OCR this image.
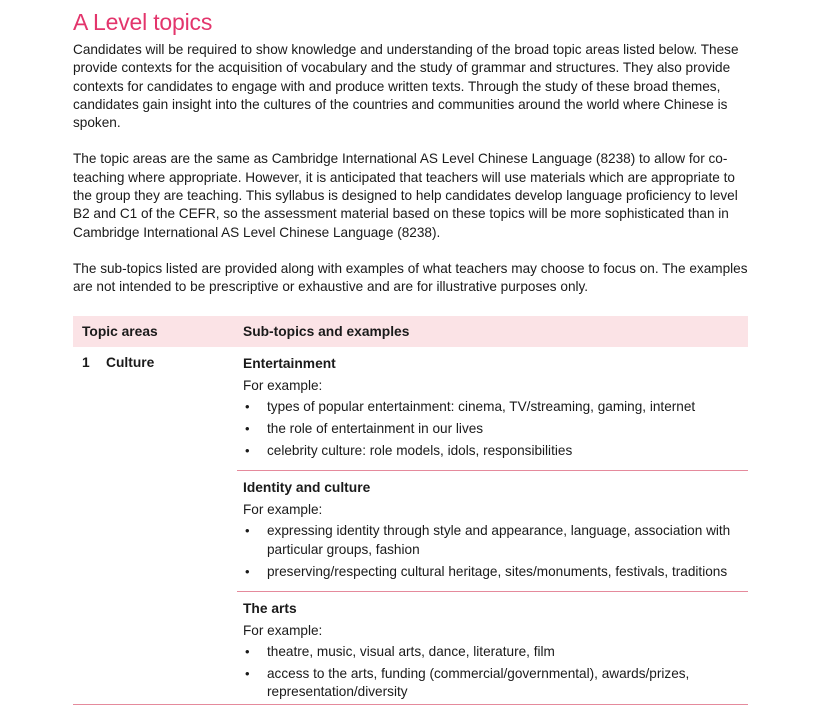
A Level topics

Candidates will be required to show knowledge and understanding of the broad topic areas listed below. These provide contexts for the acquisition of vocabulary and the study of grammar and structures. They also provide contexts for candidates to engage with and produce written texts. Through the study of these broad themes, candidates gain insight into the cultures of the countries and communities around the world where Chinese is spoken.

The topic areas are the same as Cambridge International AS Level Chinese Language (8238) to allow for co-teaching where appropriate. However, it is anticipated that teachers will use materials which are appropriate to the group they are teaching. This syllabus is designed to help candidates develop language proficiency to level B2 and C1 of the CEFR, so the assessment material based on these topics will be more sophisticated than in Cambridge International AS Level Chinese Language (8238).

The sub-topics listed are provided along with examples of what teachers may choose to focus on. The examples are not intended to be prescriptive or exhaustive and are for illustrative purposes only.

Topic areas	Sub-topics and examples
1	Culture	Entertainment
For example:
• types of popular entertainment: cinema, TV/streaming, gaming, internet
• the role of entertainment in our lives
• celebrity culture: role models, idols, responsibilities
Identity and culture
For example:
• expressing identity through style and appearance, language, association with particular groups, fashion
• preserving/respecting cultural heritage, sites/monuments, festivals, traditions
The arts
For example:
• theatre, music, visual arts, dance, literature, film
• access to the arts, funding (commercial/governmental), awards/prizes, representation/diversity
